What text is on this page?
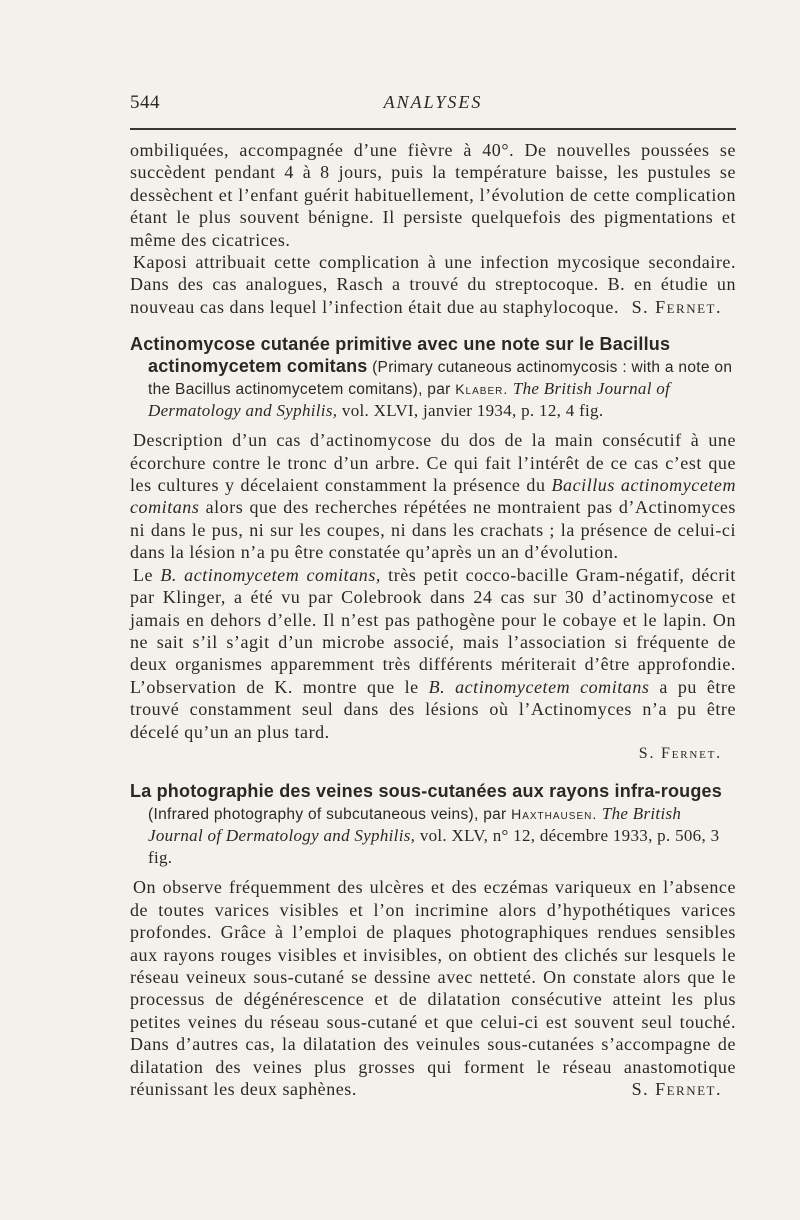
544	ANALYSES

ombiliquées, accompagnée d’une fièvre à 40°. De nouvelles poussées se succèdent pendant 4 à 8 jours, puis la température baisse, les pustules se dessèchent et l’enfant guérit habituellement, l’évolution de cette complication étant le plus souvent bénigne. Il persiste quelquefois des pigmentations et même des cicatrices.

Kaposi attribuait cette complication à une infection mycosique secondaire. Dans des cas analogues, Rasch a trouvé du streptocoque. B. en étudie un nouveau cas dans lequel l’infection était due au staphylocoque. S. Fernet.

Actinomycose cutanée primitive avec une note sur le Bacillus actinomycetem comitans (Primary cutaneous actinomycosis : with a note on the Bacillus actinomycetem comitans), par Klaber. The British Journal of Dermatology and Syphilis, vol. XLVI, janvier 1934, p. 12, 4 fig.

Description d’un cas d’actinomycose du dos de la main consécutif à une écorchure contre le tronc d’un arbre. Ce qui fait l’intérêt de ce cas c’est que les cultures y décelaient constamment la présence du Bacillus actinomycetem comitans alors que des recherches répétées ne montraient pas d’Actinomyces ni dans le pus, ni sur les coupes, ni dans les crachats ; la présence de celui-ci dans la lésion n’a pu être constatée qu’après un an d’évolution.

Le B. actinomycetem comitans, très petit cocco-bacille Gram-négatif, décrit par Klinger, a été vu par Colebrook dans 24 cas sur 30 d’actinomycose et jamais en dehors d’elle. Il n’est pas pathogène pour le cobaye et le lapin. On ne sait s’il s’agit d’un microbe associé, mais l’association si fréquente de deux organismes apparemment très différents mériterait d’être approfondie. L’observation de K. montre que le B. actinomycetem comitans a pu être trouvé constamment seul dans des lésions où l’Actinomyces n’a pu être décelé qu’un an plus tard.

S. Fernet.

La photographie des veines sous-cutanées aux rayons infra-rouges (Infrared photography of subcutaneous veins), par Haxthausen. The British Journal of Dermatology and Syphilis, vol. XLV, n° 12, décembre 1933, p. 506, 3 fig.

On observe fréquemment des ulcères et des eczémas variqueux en l’absence de toutes varices visibles et l’on incrimine alors d’hypothétiques varices profondes. Grâce à l’emploi de plaques photographiques rendues sensibles aux rayons rouges visibles et invisibles, on obtient des clichés sur lesquels le réseau veineux sous-cutané se dessine avec netteté. On constate alors que le processus de dégénérescence et de dilatation consécutive atteint les plus petites veines du réseau sous-cutané et que celui-ci est souvent seul touché. Dans d’autres cas, la dilatation des veinules sous-cutanées s’accompagne de dilatation des veines plus grosses qui forment le réseau anastomotique réunissant les deux saphènes.	S. Fernet.
